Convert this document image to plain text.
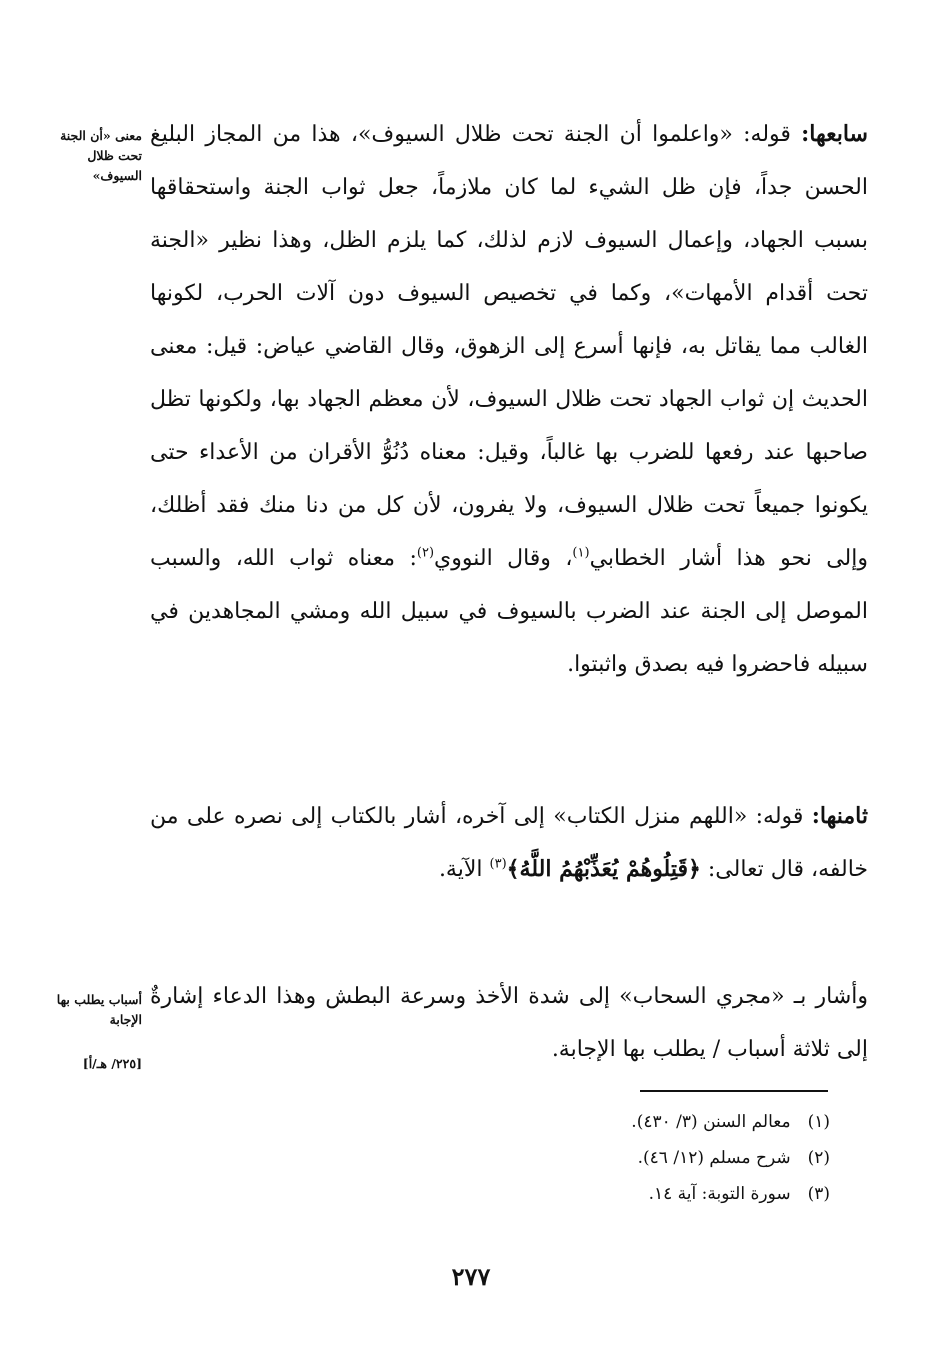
معنى «أن الجنة تحت ظلال السيوف»
أسباب يطلب بها الإجابة
[٢٢٥/ هـ/أ]

سابعها: قوله: «واعلموا أن الجنة تحت ظلال السيوف»، هذا من المجاز البليغ الحسن جداً، فإن ظل الشيء لما كان ملازماً، جعل ثواب الجنة واستحقاقها بسبب الجهاد، وإعمال السيوف لازم لذلك، كما يلزم الظل، وهذا نظير «الجنة تحت أقدام الأمهات»، وكما في تخصيص السيوف دون آلات الحرب، لكونها الغالب مما يقاتل به، فإنها أسرع إلى الزهوق، وقال القاضي عياض: قيل: معنى الحديث إن ثواب الجهاد تحت ظلال السيوف، لأن معظم الجهاد بها، ولكونها تظل صاحبها عند رفعها للضرب بها غالباً، وقيل: معناه دُنُوُّ الأقران من الأعداء حتى يكونوا جميعاً تحت ظلال السيوف، ولا يفرون، لأن كل من دنا منك فقد أظلك، وإلى نحو هذا أشار الخطابي$^{(١)}$، وقال النووي$^{(٢)}$: معناه ثواب الله، والسبب الموصل إلى الجنة عند الضرب بالسيوف في سبيل الله ومشي المجاهدين في سبيله فاحضروا فيه بصدق واثبتوا.

ثامنها: قوله: «اللهم منزل الكتاب» إلى آخره، أشار بالكتاب إلى نصره على من خالفه، قال تعالى: ﴿قَتِلُوهُمْ يُعَذِّبْهُمُ اللَّهُ﴾$^{(٣)}$ الآية.

وأشار بـ «مجري السحاب» إلى شدة الأخذ وسرعة البطش وهذا الدعاء إشارةٌ إلى ثلاثة أسباب / يطلب بها الإجابة.

(١) معالم السنن (٣/ ٤٣٠).
(٢) شرح مسلم (١٢/ ٤٦).
(٣) سورة التوبة: آية ١٤.
٢٧٧
